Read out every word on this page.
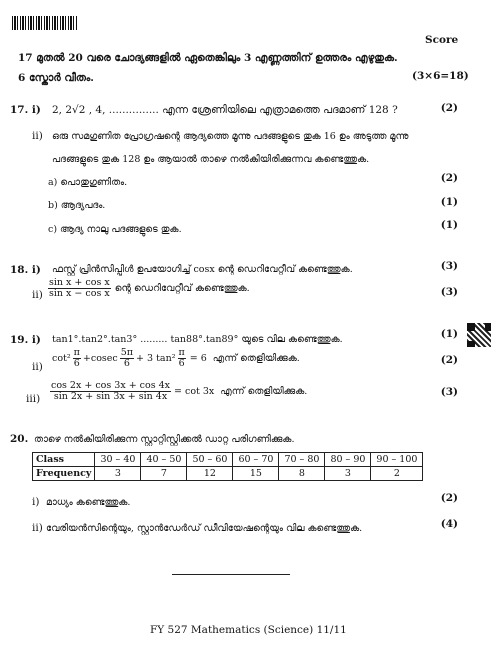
Score
17 മുതൽ 20 വരെ ചോദ്യങ്ങളിൽ ഏതെങ്കിലും 3 എണ്ണത്തിന് ഉത്തരം എഴുതുക.
6 സ്കോർ വീതം.	(3×6=18)
17. i) 2, 2√2 , 4, ............... എന്ന ശ്രേണിയിലെ എത്രാമത്തെ പദമാണ് 128 ?	(2)
ii) ഒരു സമഗുണിത പ്രോഗ്രഷന്റെ ആദ്യത്തെ മൂന്നു പദങ്ങളുടെ തുക 16 ഉം അടുത്ത മൂന്നു
പദങ്ങളുടെ തുക 128 ഉം ആയാൽ താഴെ നൽകിയിരിക്കുന്നവ കണ്ടെത്തുക.
a) പൊതുഗുണിതം.	(2)
b) ആദ്യപദം.	(1)
c) ആദ്യ നാലു പദങ്ങളുടെ തുക.	(1)
18. i) ഫസ്റ്റ് പ്രിൻസിപ്പിൾ ഉപയോഗിച്ച് cosx ന്റെ ഡെറിവേറ്റീവ് കണ്ടെത്തുക.	(3)
$ii) \frac{\text{sin x + cos x}}{\text{sin x − cos x}}$ ന്റെ ഡെറിവേറ്റീവ് കണ്ടെത്തുക.	(3)
19. i) tan1°.tan2°.tan3° ......... tan88°.tan89° യുടെ വില കണ്ടെത്തുക.	(1)
ii)
$\cot^2 \frac{\pi}{6} +cosec \frac{5\pi}{6} + 3$ $\tan^2 \frac{\pi}{6} = 6$ എന്ന് തെളിയിക്കുക.	(2)
$iii) \frac{\cos 2x + \cos 3x + \cos 4x}{\sin 2x + \sin 3x + \sin 4x} = \cot 3x$ എന്ന് തെളിയിക്കുക.	(3)
20. താഴെ നൽകിയിരിക്കുന്ന സ്റ്റാറ്റിസ്റ്റിക്കൽ ഡാറ്റ പരിഗണിക്കുക.
Class	30 – 40	40 – 50	50 – 60	60 – 70	70 – 80	80 – 90	90 – 100
Frequency	3	7	12	15	8	3	2
i) മാധ്യം കണ്ടെത്തുക.	(2)
ii) വേരിയൻസിന്റെയും, സ്റ്റാൻഡേർഡ് ഡീവിയേഷന്റെയും വില കണ്ടെത്തുക.	(4)
FY 527 Mathematics (Science) 11/11
